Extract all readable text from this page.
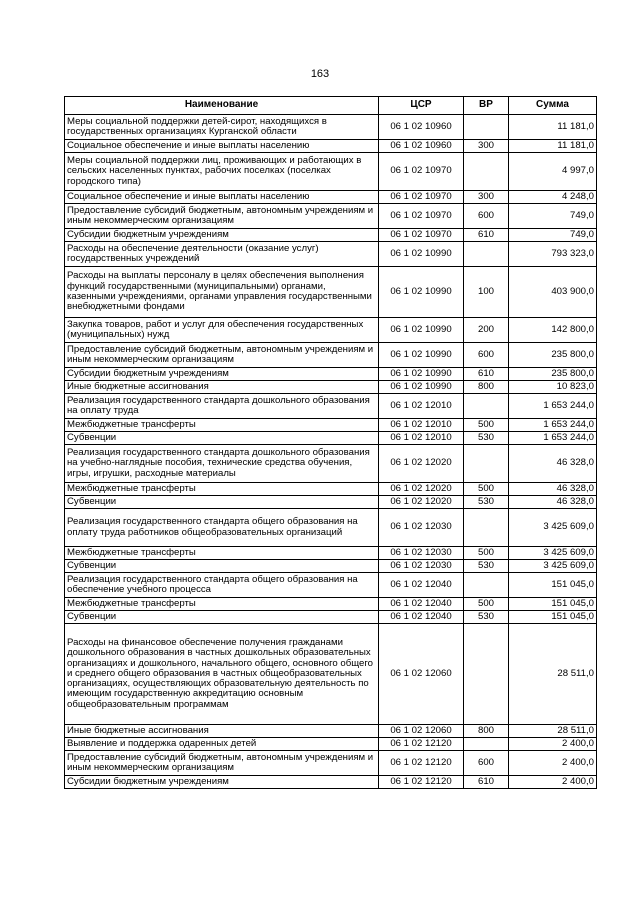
163
Наименование	ЦСР	ВР	Сумма
Меры социальной поддержки детей-сирот, находящихся в государственных организациях Курганской области	06 1 02 10960		11 181,0
Социальное обеспечение и иные выплаты населению	06 1 02 10960	300	11 181,0
Меры социальной поддержки лиц, проживающих и работающих в сельских населенных пунктах, рабочих поселках (поселках городского типа)	06 1 02 10970		4 997,0
Социальное обеспечение и иные выплаты населению	06 1 02 10970	300	4 248,0
Предоставление субсидий бюджетным, автономным учреждениям и иным некоммерческим организациям	06 1 02 10970	600	749,0
Субсидии бюджетным учреждениям	06 1 02 10970	610	749,0
Расходы на обеспечение деятельности (оказание услуг) государственных учреждений	06 1 02 10990		793 323,0
Расходы на выплаты персоналу в целях обеспечения выполнения функций государственными (муниципальными) органами, казенными учреждениями, органами управления государственными внебюджетными фондами	06 1 02 10990	100	403 900,0
Закупка товаров, работ и услуг для обеспечения государственных (муниципальных) нужд	06 1 02 10990	200	142 800,0
Предоставление субсидий бюджетным, автономным учреждениям и иным некоммерческим организациям	06 1 02 10990	600	235 800,0
Субсидии бюджетным учреждениям	06 1 02 10990	610	235 800,0
Иные бюджетные ассигнования	06 1 02 10990	800	10 823,0
Реализация государственного стандарта дошкольного образования на оплату труда	06 1 02 12010		1 653 244,0
Межбюджетные трансферты	06 1 02 12010	500	1 653 244,0
Субвенции	06 1 02 12010	530	1 653 244,0
Реализация государственного стандарта дошкольного образования на учебно-наглядные пособия, технические средства обучения, игры, игрушки, расходные материалы	06 1 02 12020		46 328,0
Межбюджетные трансферты	06 1 02 12020	500	46 328,0
Субвенции	06 1 02 12020	530	46 328,0
Реализация государственного стандарта общего образования на оплату труда работников общеобразовательных организаций	06 1 02 12030		3 425 609,0
Межбюджетные трансферты	06 1 02 12030	500	3 425 609,0
Субвенции	06 1 02 12030	530	3 425 609,0
Реализация государственного стандарта общего образования на обеспечение учебного процесса	06 1 02 12040		151 045,0
Межбюджетные трансферты	06 1 02 12040	500	151 045,0
Субвенции	06 1 02 12040	530	151 045,0
Расходы на финансовое обеспечение получения гражданами дошкольного образования в частных дошкольных образовательных организациях и дошкольного, начального общего, основного общего и среднего общего образования в частных общеобразовательных организациях, осуществляющих образовательную деятельность по имеющим государственную аккредитацию основным общеобразовательным программам	06 1 02 12060		28 511,0
Иные бюджетные ассигнования	06 1 02 12060	800	28 511,0
Выявление и поддержка одаренных детей	06 1 02 12120		2 400,0
Предоставление субсидий бюджетным, автономным учреждениям и иным некоммерческим организациям	06 1 02 12120	600	2 400,0
Субсидии бюджетным учреждениям	06 1 02 12120	610	2 400,0
